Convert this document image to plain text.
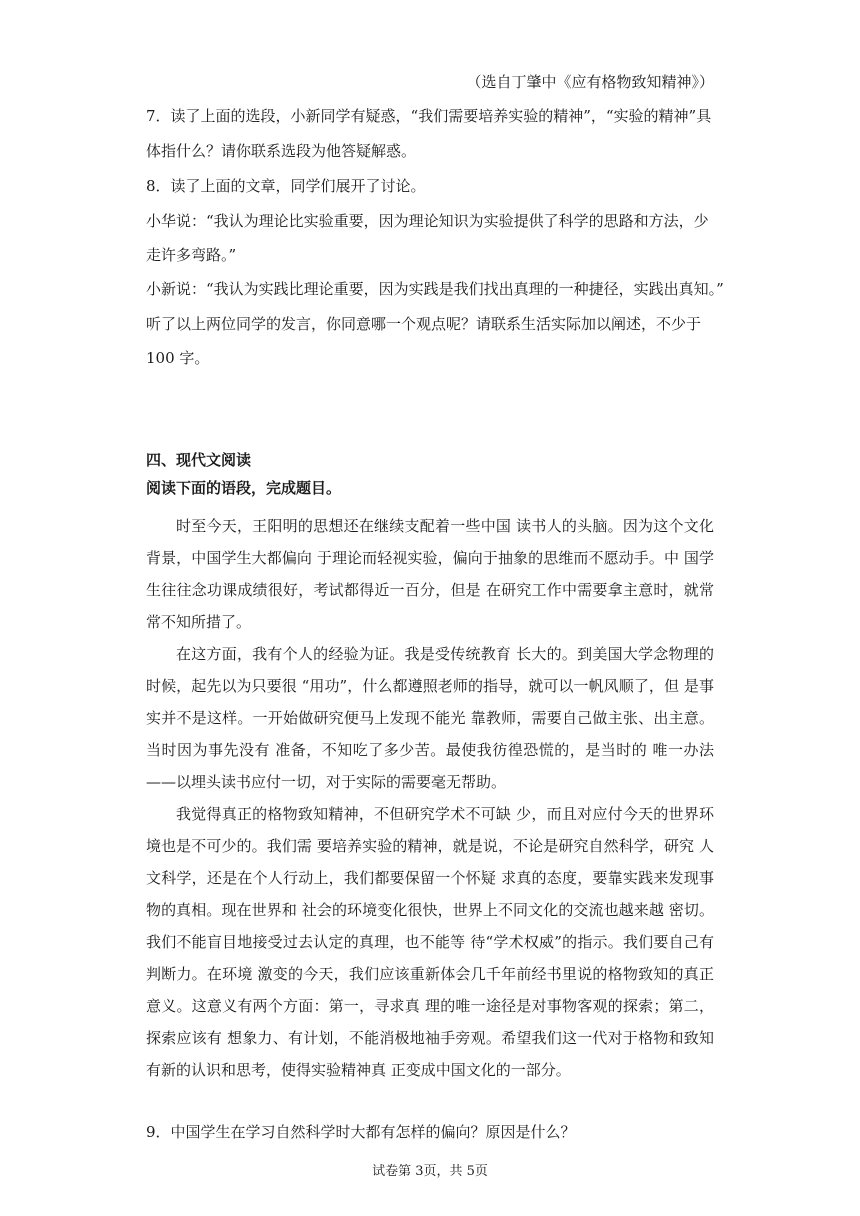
（选自丁肇中《应有格物致知精神》）
7．读了上面的选段，小新同学有疑惑，“我们需要培养实验的精神”，“实验的精神”具
体指什么？请你联系选段为他答疑解惑。
8．读了上面的文章，同学们展开了讨论。
小华说：“我认为理论比实验重要，因为理论知识为实验提供了科学的思路和方法，少
走许多弯路。”
小新说：“我认为实践比理论重要，因为实践是我们找出真理的一种捷径，实践出真知。”
听了以上两位同学的发言，你同意哪一个观点呢？请联系生活实际加以阐述，不少于
100 字。
四、现代文阅读
阅读下面的语段，完成题目。

时至今天，王阳明的思想还在继续支配着一些中国 读书人的头脑。因为这个文化背景，中国学生大都偏向 于理论而轻视实验，偏向于抽象的思维而不愿动手。中 国学生往往念功课成绩很好，考试都得近一百分，但是 在研究工作中需要拿主意时，就常常不知所措了。

在这方面，我有个人的经验为证。我是受传统教育 长大的。到美国大学念物理的时候，起先以为只要很 “用功”，什么都遵照老师的指导，就可以一帆风顺了，但 是事实并不是这样。一开始做研究便马上发现不能光 靠教师，需要自己做主张、出主意。当时因为事先没有 准备，不知吃了多少苦。最使我彷徨恐慌的，是当时的 唯一办法——以埋头读书应付一切，对于实际的需要毫无帮助。

我觉得真正的格物致知精神，不但研究学术不可缺 少，而且对应付今天的世界环境也是不可少的。我们需 要培养实验的精神，就是说，不论是研究自然科学，研究 人文科学，还是在个人行动上，我们都要保留一个怀疑 求真的态度，要靠实践来发现事物的真相。现在世界和 社会的环境变化很快，世界上不同文化的交流也越来越 密切。我们不能盲目地接受过去认定的真理，也不能等 待“学术权威”的指示。我们要自己有判断力。在环境 激变的今天，我们应该重新体会几千年前经书里说的格物致知的真正意义。这意义有两个方面：第一，寻求真 理的唯一途径是对事物客观的探索；第二，探索应该有 想象力、有计划，不能消极地袖手旁观。希望我们这一代对于格物和致知有新的认识和思考，使得实验精神真 正变成中国文化的一部分。

9．中国学生在学习自然科学时大都有怎样的偏向？原因是什么？
试卷第 3页，共 5页
